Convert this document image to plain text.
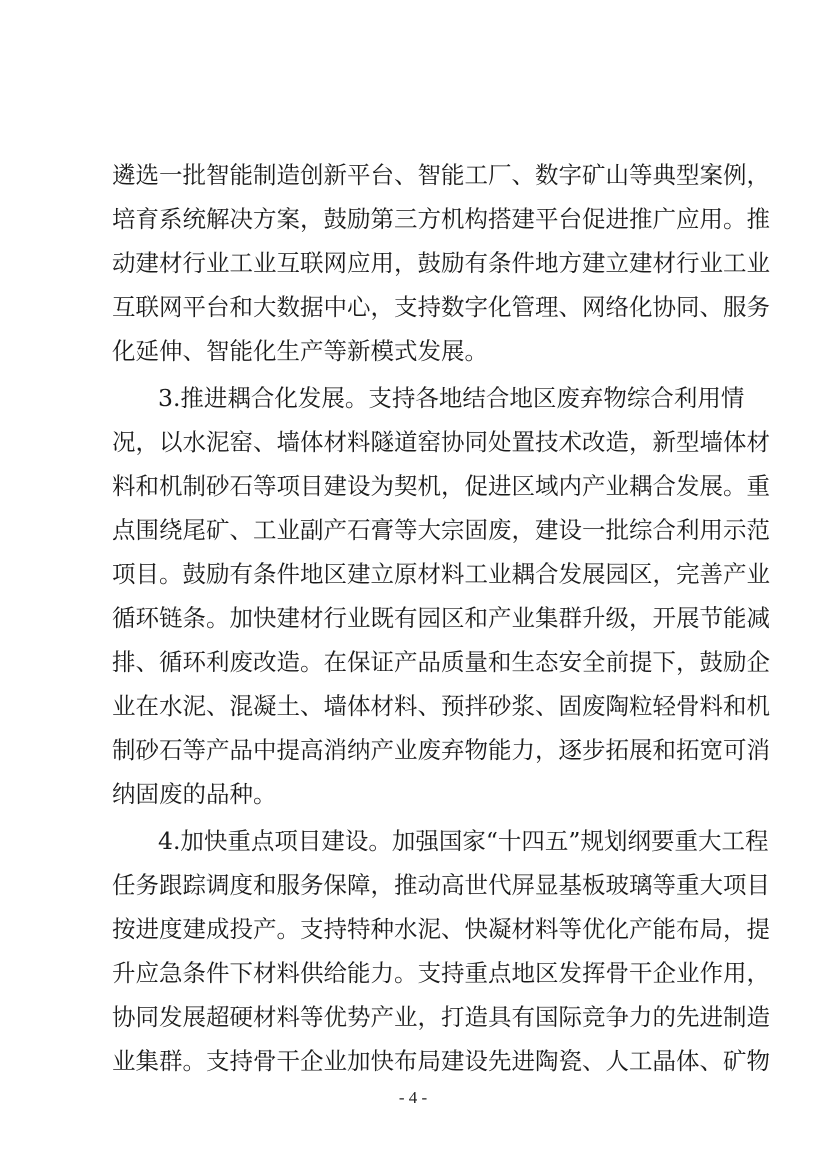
遴选一批智能制造创新平台、智能工厂、数字矿山等典型案例，
培育系统解决方案，鼓励第三方机构搭建平台促进推广应用。推
动建材行业工业互联网应用，鼓励有条件地方建立建材行业工业
互联网平台和大数据中心，支持数字化管理、网络化协同、服务
化延伸、智能化生产等新模式发展。
3.推进耦合化发展。支持各地结合地区废弃物综合利用情
况，以水泥窑、墙体材料隧道窑协同处置技术改造，新型墙体材
料和机制砂石等项目建设为契机，促进区域内产业耦合发展。重
点围绕尾矿、工业副产石膏等大宗固废，建设一批综合利用示范
项目。鼓励有条件地区建立原材料工业耦合发展园区，完善产业
循环链条。加快建材行业既有园区和产业集群升级，开展节能减
排、循环利废改造。在保证产品质量和生态安全前提下，鼓励企
业在水泥、混凝土、墙体材料、预拌砂浆、固废陶粒轻骨料和机
制砂石等产品中提高消纳产业废弃物能力，逐步拓展和拓宽可消
纳固废的品种。
4.加快重点项目建设。加强国家“十四五”规划纲要重大工程
任务跟踪调度和服务保障，推动高世代屏显基板玻璃等重大项目
按进度建成投产。支持特种水泥、快凝材料等优化产能布局，提
升应急条件下材料供给能力。支持重点地区发挥骨干企业作用，
协同发展超硬材料等优势产业，打造具有国际竞争力的先进制造
业集群。支持骨干企业加快布局建设先进陶瓷、人工晶体、矿物
- 4 -
